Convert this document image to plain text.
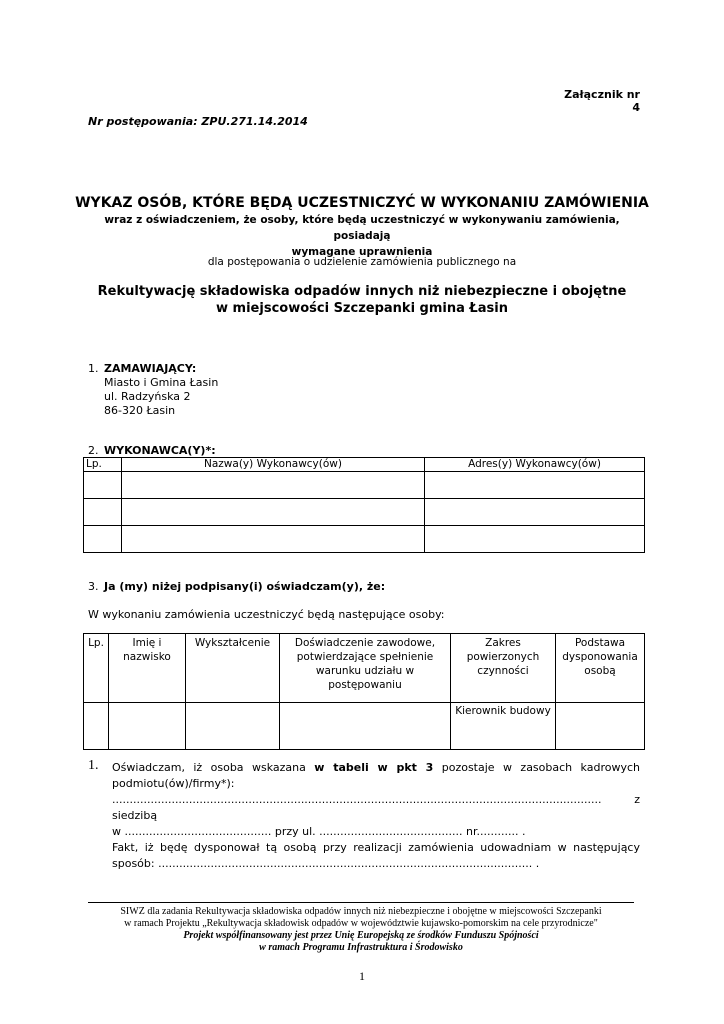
Załącznik nr 4
Nr postępowania: ZPU.271.14.2014
WYKAZ OSÓB, KTÓRE BĘDĄ UCZESTNICZYĆ W WYKONANIU ZAMÓWIENIA
wraz z oświadczeniem, że osoby, które będą uczestniczyć w wykonywaniu zamówienia, posiadają
wymagane uprawnienia
dla postępowania o udzielenie zamówienia publicznego na
Rekultywację składowiska odpadów innych niż niebezpieczne i obojętne
w miejscowości Szczepanki gmina Łasin
1. ZAMAWIAJĄCY:
Miasto i Gmina Łasin
ul. Radzyńska 2
86-320 Łasin
2. WYKONAWCA(Y)*:
Lp.	Nazwa(y) Wykonawcy(ów)	Adres(y) Wykonawcy(ów)

3. Ja (my) niżej podpisany(i) oświadczam(y), że:
W wykonaniu zamówienia uczestniczyć będą następujące osoby:
Lp.	Imię i nazwisko	Wykształcenie	Doświadczenie zawodowe, potwierdzające spełnienie warunku udziału w postępowaniu	Zakres powierzonych czynności	Podstawa dysponowania osobą
				Kierownik budowy	
1. Oświadczam, iż osoba wskazana w tabeli w pkt 3 pozostaje w zasobach kadrowych podmiotu(ów)/firmy*):
............................................................................................................................................ z siedzibą
w .......................................... przy ul. ......................................... nr............ .
Fakt, iż będę dysponował tą osobą przy realizacji zamówienia udowadniam w następujący sposób: ........................................................................................................... .
SIWZ dla zadania Rekultywacja składowiska odpadów innych niż niebezpieczne i obojętne w miejscowości Szczepanki
w ramach Projektu „Rekultywacja składowisk odpadów w województwie kujawsko-pomorskim na cele przyrodnicze"
Projekt współfinansowany jest przez Unię Europejską ze środków Funduszu Spójności
w ramach Programu Infrastruktura i Środowisko
1
